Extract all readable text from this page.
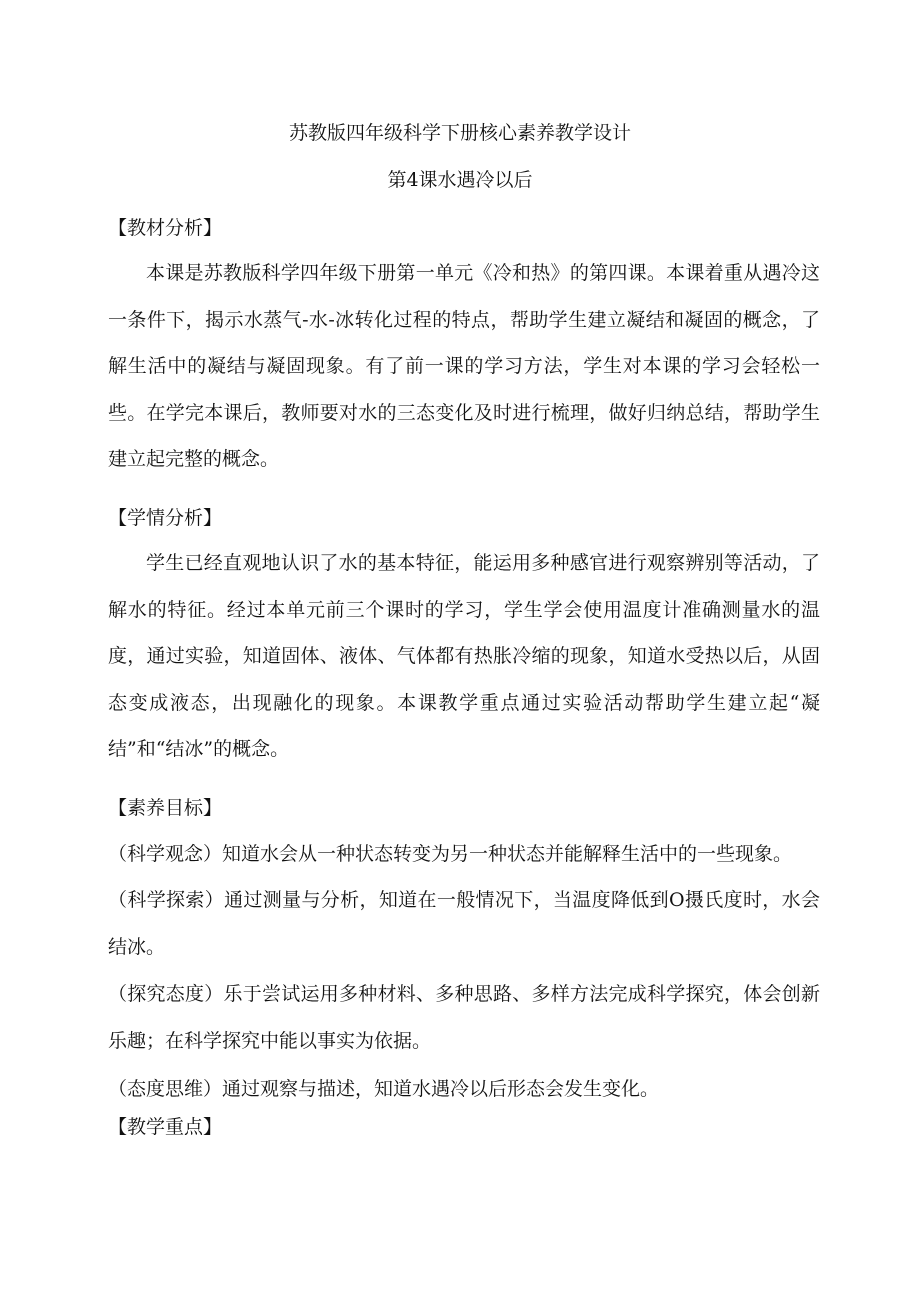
苏教版四年级科学下册核心素养教学设计
第4课水遇冷以后
【教材分析】
本课是苏教版科学四年级下册第一单元《冷和热》的第四课。本课着重从遇冷这一条件下，揭示水蒸气-水-冰转化过程的特点，帮助学生建立凝结和凝固的概念，了解生活中的凝结与凝固现象。有了前一课的学习方法，学生对本课的学习会轻松一些。在学完本课后，教师要对水的三态变化及时进行梳理，做好归纳总结，帮助学生建立起完整的概念。
【学情分析】
学生已经直观地认识了水的基本特征，能运用多种感官进行观察辨别等活动，了解水的特征。经过本单元前三个课时的学习，学生学会使用温度计准确测量水的温度，通过实验，知道固体、液体、气体都有热胀冷缩的现象，知道水受热以后，从固态变成液态，出现融化的现象。本课教学重点通过实验活动帮助学生建立起“凝结”和“结冰”的概念。
【素养目标】
（科学观念）知道水会从一种状态转变为另一种状态并能解释生活中的一些现象。
（科学探索）通过测量与分析，知道在一般情况下，当温度降低到O摄氏度时，水会结冰。
（探究态度）乐于尝试运用多种材料、多种思路、多样方法完成科学探究，体会创新乐趣；在科学探究中能以事实为依据。
（态度思维）通过观察与描述，知道水遇冷以后形态会发生变化。
【教学重点】
